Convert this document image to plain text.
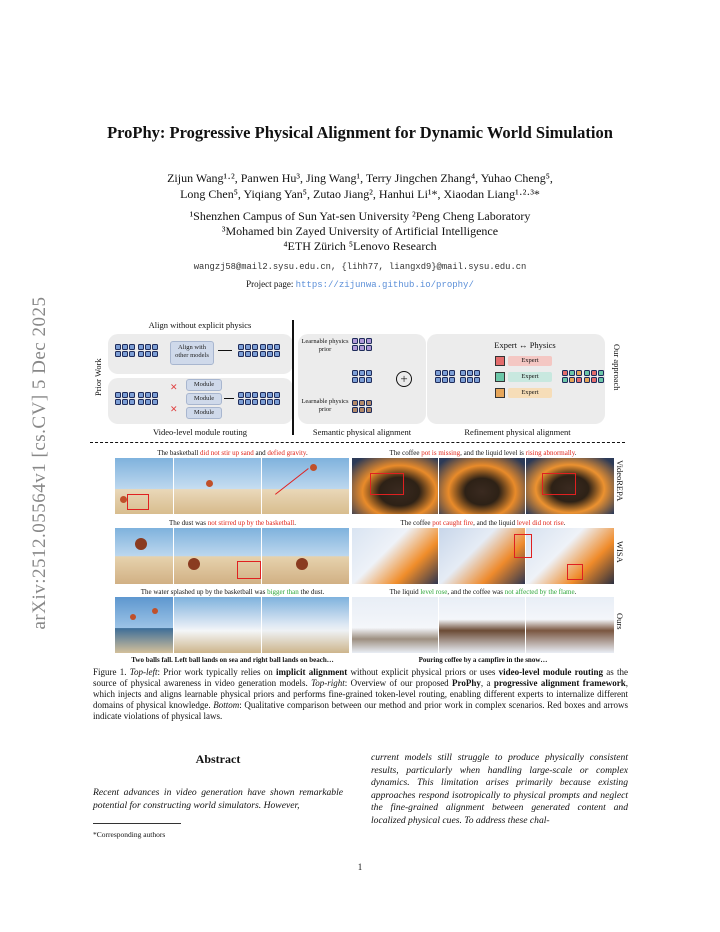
arXiv:2512.05564v1 [cs.CV] 5 Dec 2025
ProPhy: Progressive Physical Alignment for Dynamic World Simulation
Zijun Wang¹·², Panwen Hu³, Jing Wang¹, Terry Jingchen Zhang⁴, Yuhao Cheng⁵,
Long Chen⁵, Yiqiang Yan⁵, Zutao Jiang², Hanhui Li¹*, Xiaodan Liang¹·²·³*
¹Shenzhen Campus of Sun Yat-sen University ²Peng Cheng Laboratory
³Mohamed bin Zayed University of Artificial Intelligence
⁴ETH Zürich ⁵Lenovo Research
wangzj58@mail2.sysu.edu.cn, {lihh77, liangxd9}@mail.sysu.edu.cn
Project page: https://zijunwa.github.io/prophy/
Prior Work
Align without explicit physics
Align with other models
Module
Module
Module
✕
✕
Video-level module routing
Learnable physics prior
Learnable physics prior
+
Semantic physical alignment
Expert ↔ Physics
Expert
Expert
Expert
Refinement physical alignment
Our approach
The basketball did not stir up sand and defied gravity.	The coffee pot is missing, and the liquid level is rising abnormally.
VideoREPA
The dust was not stirred up by the basketball.	The coffee pot caught fire, and the liquid level did not rise.
WISA
The water splashed up by the basketball was bigger than the dust.	The liquid level rose, and the coffee was not affected by the flame.
Ours
Two balls fall. Left ball lands on sea and right ball lands on beach…	Pouring coffee by a campfire in the snow…
Figure 1. Top-left: Prior work typically relies on implicit alignment without explicit physical priors or uses video-level module routing as the source of physical awareness in video generation models. Top-right: Overview of our proposed ProPhy, a progressive alignment framework, which injects and aligns learnable physical priors and performs fine-grained token-level routing, enabling different experts to internalize different domains of physical knowledge. Bottom: Qualitative comparison between our method and prior work in complex scenarios. Red boxes and arrows indicate violations of physical laws.
Abstract
Recent advances in video generation have shown remarkable potential for constructing world simulators. However,
current models still struggle to produce physically consistent results, particularly when handling large-scale or complex dynamics. This limitation arises primarily because existing approaches respond isotropically to physical prompts and neglect the fine-grained alignment between generated content and localized physical cues. To address these chal-
*Corresponding authors
1
